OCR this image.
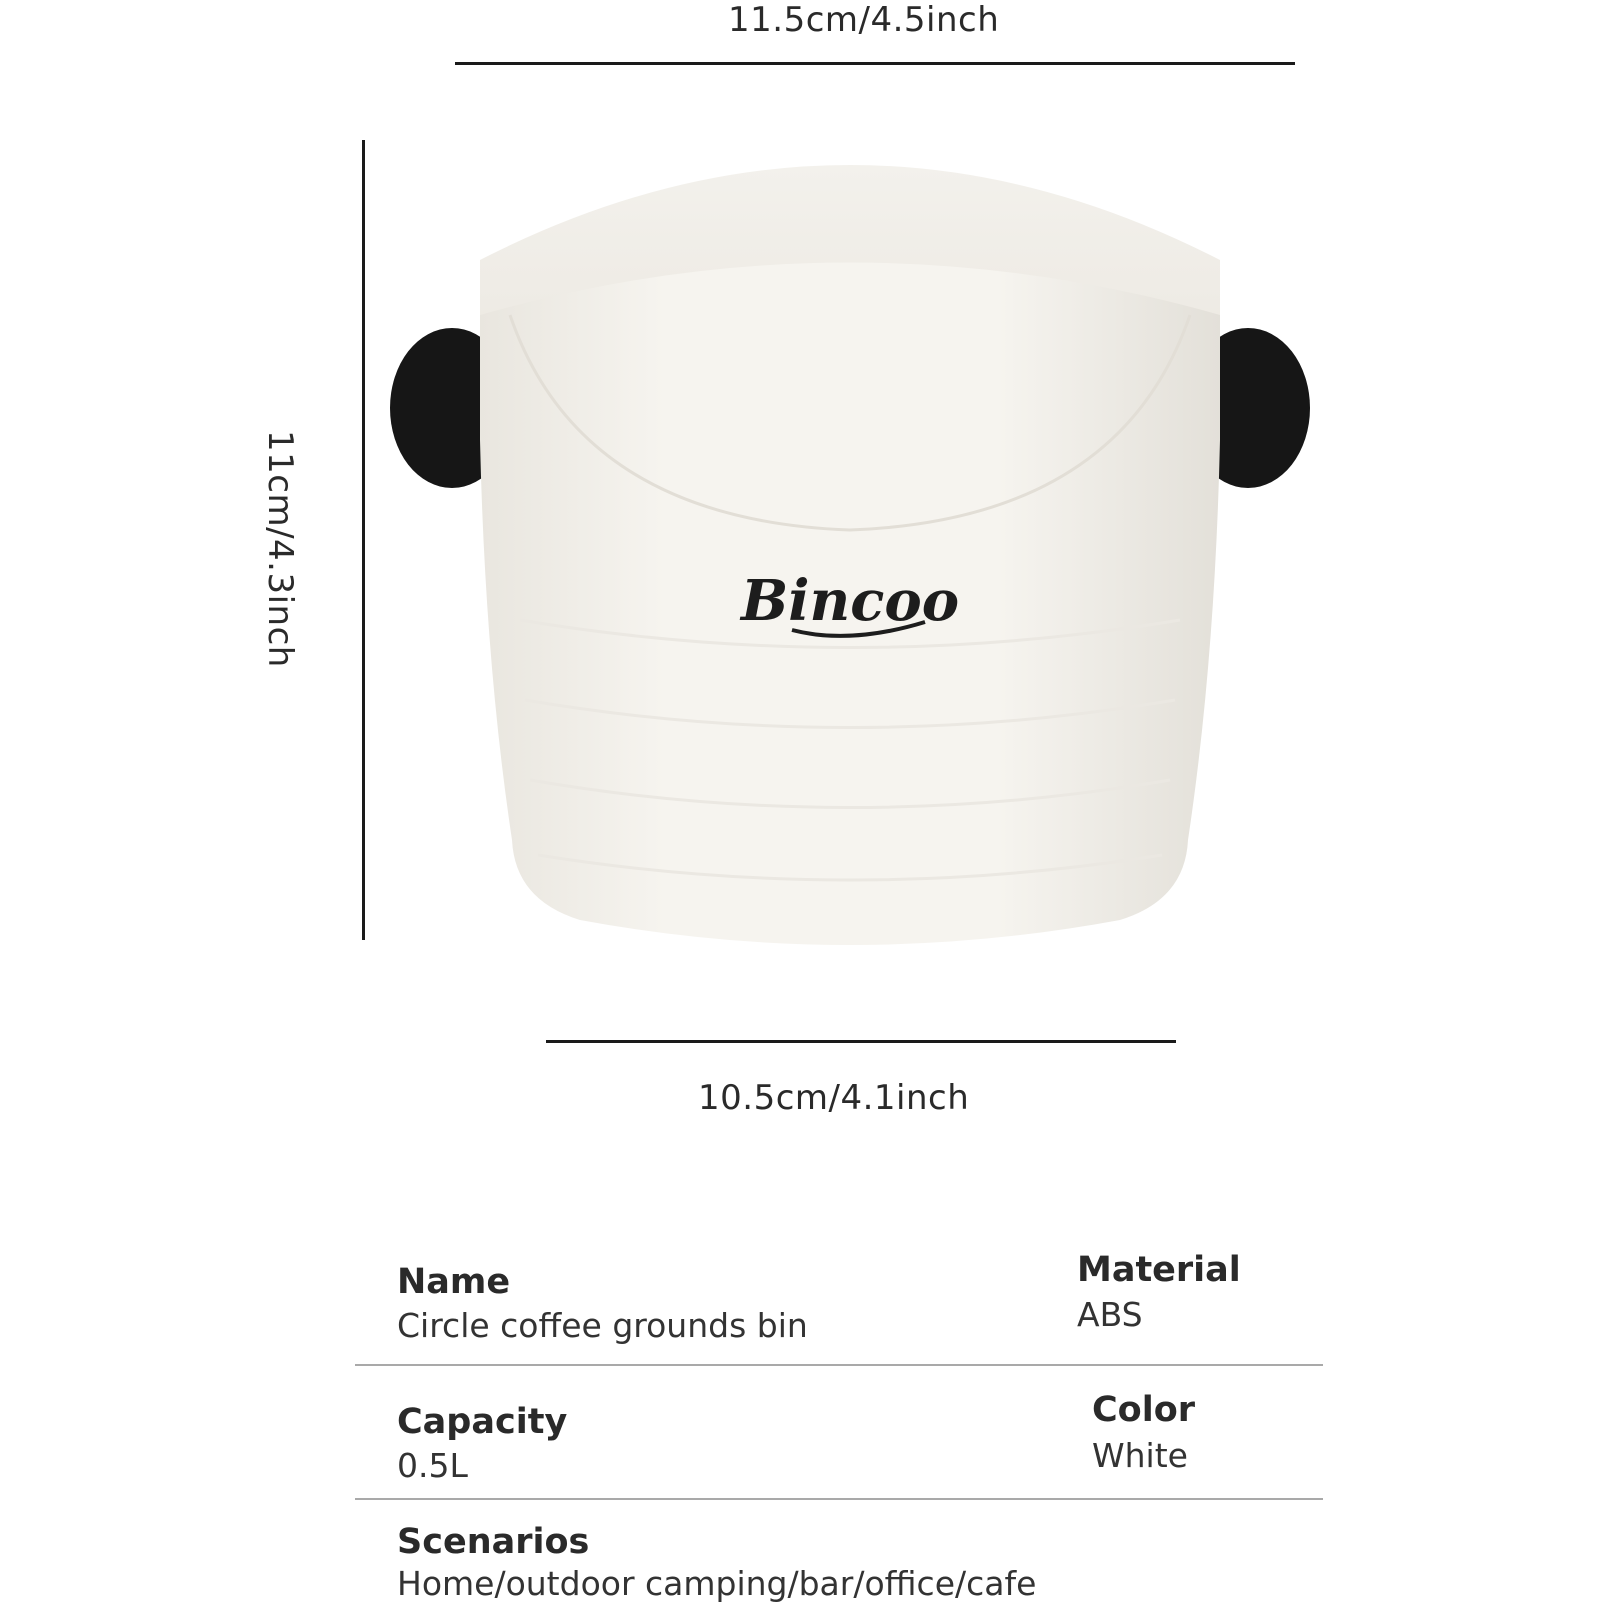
11.5cm/4.5inch
11cm/4.3inch	Bincoo
10.5cm/4.1inch
Name
Circle coffee grounds bin
Material
ABS
Capacity
0.5L
Color
White
Scenarios
Home/outdoor camping/bar/office/cafe
